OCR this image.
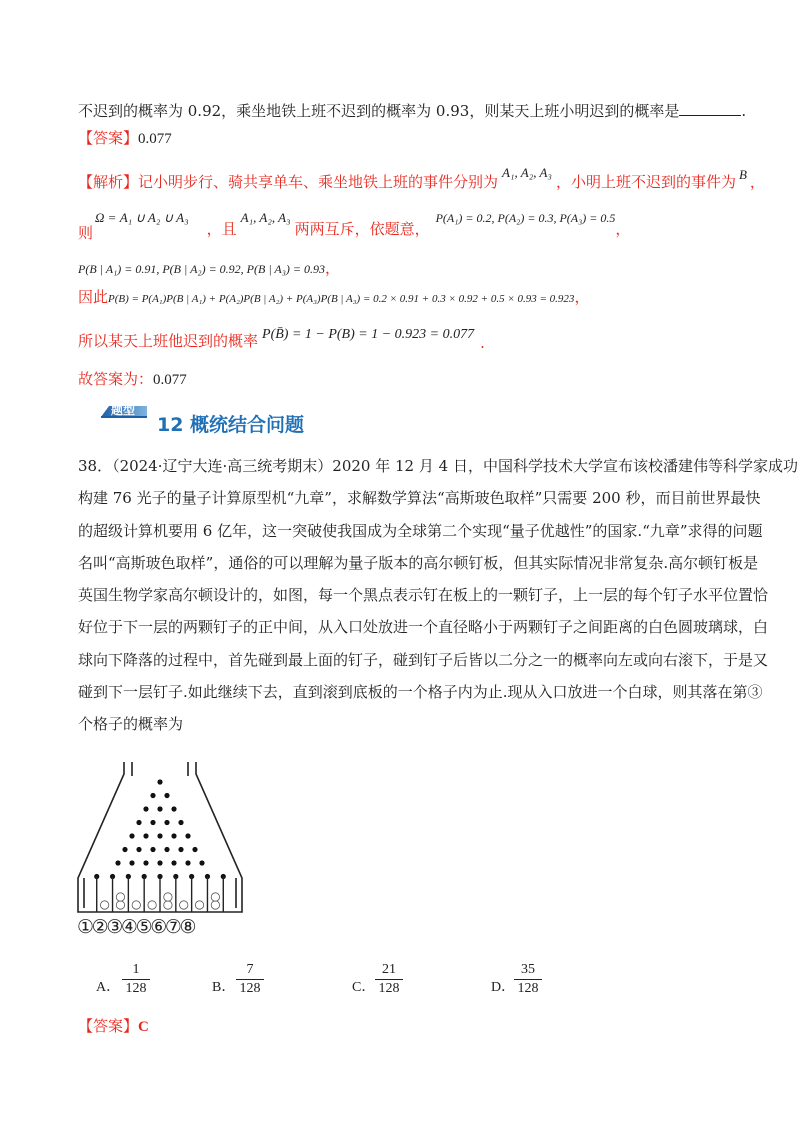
不迟到的概率为 0.92，乘坐地铁上班不迟到的概率为 0.93，则某天上班小明迟到的概率是	.
【答案】0.077
【解析】记小明步行、骑共享单车、乘坐地铁上班的事件分别为A₁, A₂, A₃，小明上班不迟到的事件为 B ，
则Ω = A₁ ∪ A₂ ∪ A₃，且A₁, A₂, A₃两两互斥，依题意，$^{P(A_1) = 0.2, P(A_2) = 0.3, P(A_3) = 0.5}$，
P(B | A₁) = 0.91, P(B | A₂) = 0.92, P(B | A₃) = 0.93，
因此P(B) = P(A₁)P(B | A₁) + P(A₂)P(B | A₂) + P(A₃)P(B | A₃) = 0.2 × 0.91 + 0.3 × 0.92 + 0.5 × 0.93 = 0.923，
所以某天上班他迟到的概率 P(B̄) = 1 − P(B) = 1 − 0.923 = 0.077 .
故答案为：0.077
题型
12 概统结合问题
38．（2024·辽宁大连·高三统考期末）2020 年 12 月 4 日，中国科学技术大学宣布该校潘建伟等科学家成功
构建 76 光子的量子计算原型机“九章”，求解数学算法“高斯玻色取样”只需要 200 秒，而目前世界最快
的超级计算机要用 6 亿年，这一突破使我国成为全球第二个实现“量子优越性”的国家.“九章”求得的问题
名叫“高斯玻色取样”，通俗的可以理解为量子版本的高尔顿钉板，但其实际情况非常复杂.高尔顿钉板是
英国生物学家高尔顿设计的，如图，每一个黑点表示钉在板上的一颗钉子，上一层的每个钉子水平位置恰
好位于下一层的两颗钉子的正中间，从入口处放进一个直径略小于两颗钉子之间距离的白色圆玻璃球，白
球向下降落的过程中，首先碰到最上面的钉子，碰到钉子后皆以二分之一的概率向左或向右滚下，于是又
碰到下一层钉子.如此继续下去，直到滚到底板的一个格子内为止.现从入口放进一个白球，则其落在第③
个格子的概率为
①②③④⑤⑥⑦⑧
A．
1
128	B．
7
128	C．
21
128	D．
35
128
【答案】C
